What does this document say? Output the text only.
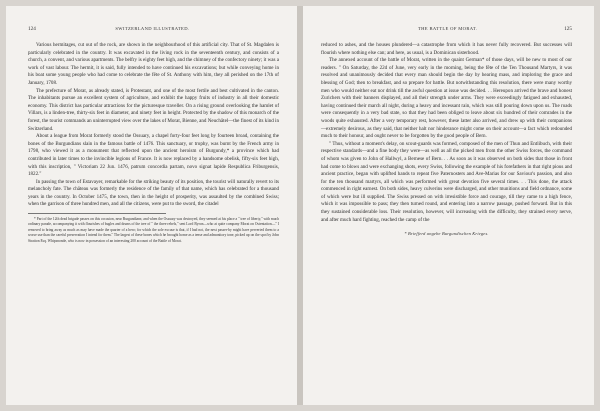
124	SWITZERLAND ILLUSTRATED.

Various hermitages, cut out of the rock, are shown in the neighbourhood of this artificial city. That of St. Magdalen is particularly celebrated in the country. It was excavated in the living rock in the seventeenth century, and consists of a church, a convent, and various apartments. The belfry is eighty feet high, and the chimney of the confectory ninety; it was a work of vast labour. The hermit, it is said, fully intended to have continued his excavations; but while conveying home in his boat some young people who had come to celebrate the fête of St. Anthony with him, they all perished on the 17th of January, 1708.

The prefecture of Morat, as already stated, is Protestant, and one of the most fertile and best cultivated in the canton. The inhabitants pursue an excellent system of agriculture, and exhibit the happy fruits of industry in all their domestic economy. This district has particular attractions for the picturesque traveller. On a rising ground overlooking the hamlet of Villars, is a linden-tree, thirty-six feet in diameter, and ninety feet in height. Protected by the shadow of this monarch of the forest, the tourist commands an uninterrupted view over the lakes of Morat, Bienne, and Neuchâtel—the finest of its kind in Switzerland.

About a league from Morat formerly stood the Ossuary, a chapel forty-four feet long by fourteen broad, containing the bones of the Burgundians slain in the famous battle of 1476. This sanctuary, or trophy, was burnt by the French army in 1798, who viewed it as a monument that reflected upon the ancient heroism of Burgundy,* a province which had contributed in later times to the invincible legions of France. It is now replaced by a handsome obelisk, fifty-six feet high, with this inscription, " Victoriam 22 Jun. 1476, patrum concordia partam, novo signat lapide Respublica Friburgensis, 1822."

In passing the town of Estavayer, remarkable for the striking beauty of its position, the tourist will naturally revert to its melancholy fate. The château was formerly the residence of the family of that name, which has celebrated for a thousand years in the country. In October 1475, the town, then in the height of prosperity, was assaulted by the combined Swiss; when the garrison of three hundred men, and all the citizens, were put to the sword, the citadel

* Part of the 12th dead brigade passes on this occasion, near Burgundians; and when the Ossuary was destroyed, they seemed at his place a " tree of liberty," with much ordinary parade, accompanying it with flourishes of bugles and drums of the tree of " the three rebels," sent Lord Byron—who at quite company Morat on Ostentation—" I removed to bring away as much as may have made the quarter of a hero; for which the sole excuse is that, if I had not, the next passer-by might have perverted them to a worse use than the careful preservation I intend for them." The largest of these bones which he brought home as a tense and admonitory tone, picked up on the spot by John Stratton Esq. Whipsnonde, who is now in possession of an interesting 200 account of the Battle of Morat.

THE BATTLE OF MORAT.	125

reduced to ashes, and the houses plundered—a catastrophe from which it has never fully recovered. But successes will flourish where nothing else can; and here, as usual, is a Dominican sisterhood.

The annexed account of the battle of Morat, written in the quaint German* of those days, will be new to most of our readers. " On Saturday, the 22d of June, very early in the morning, being the fête of the Ten Thousand Martyrs, it was resolved and unanimously decided that every man should begin the day by hearing mass, and imploring the grace and blessing of God; then to breakfast, and so prepare for battle. But notwithstanding this resolution, there were many worthy men who would neither eat nor drink till the awful question at issue was decided. . . Hereupon arrived the brave and honest Zurichers with their banners displayed, and all their strength under arms. They were exceedingly fatigued and exhausted, having continued their march all night, during a heavy and incessant rain, which was still pouring down upon us. The roads were consequently in a very bad state, so that they had been obliged to leave about six hundred of their comrades in the woods quite exhausted. After a very temporary rest, however, these latter also arrived, and drew up with their companions—extremely desirous, as they said, that neither halt nor hinderance might come on their account—a fact which redounded much to their honour, and ought never to be forgotten by the good people of Bern.

" Thus, without a moment's delay, on scout-guards was formed, composed of the men of Thun and Entlibuch, with their respective standards—and a fine body they were—as well as all the picked men from the other Swiss forces, the command of whom was given to John of Hallwyl, a Bernese of Bern. . . As soon as it was observed on both sides that those in front had come to blows and were exchanging shots, every Swiss, following the example of his forefathers in that right pious and ancient practice, began with uplifted hands to repeat five Paternosters and Ave-Marias for our Saviour's passion, and also for the ten thousand martyrs, all which was performed with great devotion five several times. . . This done, the attack commenced in right earnest. On both sides, heavy culverins were discharged, and other munitions and field ordnance, some of which were but ill supplied. The Swiss pressed on with irresistible force and courage, till they came to a high fence, which it was impossible to pass; they then turned round, and entering into a narrow passage, pushed forward. But in this they sustained considerable loss. Their resolution, however, will increasing with the difficulty, they strained every nerve, and after much hard fighting, reached the camp of the

* Briefferd angebe Burgundischen Krieges.
